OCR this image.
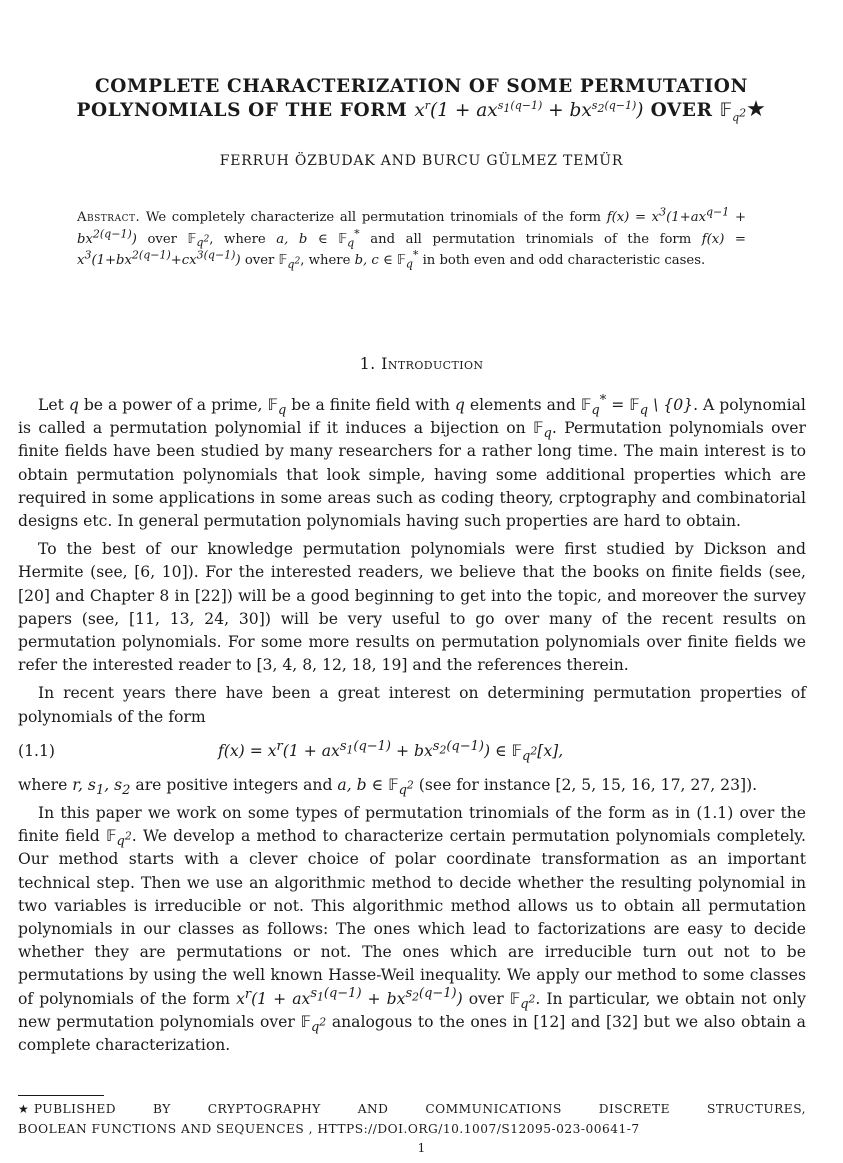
COMPLETE CHARACTERIZATION OF SOME PERMUTATION
POLYNOMIALS OF THE FORM $x^r(1 + ax^{s_1(q-1)} + bx^{s_2(q-1)})$ OVER 𝔽$_{q^2}$★
FERRUH ÖZBUDAK AND BURCU GÜLMEZ TEMÜR
Abstract. We completely characterize all permutation trinomials of the form $f(x) = x^3(1+ax^{q-1} + bx^{2(q-1)})$ over 𝔽$_{q^2}$, where a, b ∈ 𝔽$_q$* and all permutation trinomials of the form $f(x) = x^3(1+bx^{2(q-1)}+cx^{3(q-1)})$ over 𝔽$_{q^2}$, where b, c ∈ 𝔽$_q$* in both even and odd characteristic cases.
1. Introduction

Let q be a power of a prime, 𝔽$_q$ be a finite field with q elements and 𝔽$_q$* = 𝔽$_q$ \ {0}. A polynomial is called a permutation polynomial if it induces a bijection on 𝔽$_q$. Permutation polynomials over finite fields have been studied by many researchers for a rather long time. The main interest is to obtain permutation polynomials that look simple, having some additional properties which are required in some applications in some areas such as coding theory, crptography and combinatorial designs etc. In general permutation polynomials having such properties are hard to obtain.

To the best of our knowledge permutation polynomials were first studied by Dickson and Hermite (see, [6, 10]). For the interested readers, we believe that the books on finite fields (see, [20] and Chapter 8 in [22]) will be a good beginning to get into the topic, and moreover the survey papers (see, [11, 13, 24, 30]) will be very useful to go over many of the recent results on permutation polynomials. For some more results on permutation polynomials over finite fields we refer the interested reader to [3, 4, 8, 12, 18, 19] and the references therein.

In recent years there have been a great interest on determining permutation properties of polynomials of the form

(1.1)	$f(x) = x^r(1 + ax^{s_1(q-1)} + bx^{s_2(q-1)})$ ∈ 𝔽$_{q^2}$[x],

where r, $s_1$, $s_2$ are positive integers and a, b ∈ 𝔽$_{q^2}$ (see for instance [2, 5, 15, 16, 17, 27, 23]).

In this paper we work on some types of permutation trinomials of the form as in (1.1) over the finite field 𝔽$_{q^2}$. We develop a method to characterize certain permutation polynomials completely. Our method starts with a clever choice of polar coordinate transformation as an important technical step. Then we use an algorithmic method to decide whether the resulting polynomial in two variables is irreducible or not. This algorithmic method allows us to obtain all permutation polynomials in our classes as follows: The ones which lead to factorizations are easy to decide whether they are permutations or not. The ones which are irreducible turn out not to be permutations by using the well known Hasse-Weil inequality. We apply our method to some classes of polynomials of the form $x^r(1 + ax^{s_1(q-1)} + bx^{s_2(q-1)})$ over 𝔽$_{q^2}$. In particular, we obtain not only new permutation polynomials over 𝔽$_{q^2}$ analogous to the ones in [12] and [32] but we also obtain a complete characterization.

★ PUBLISHED	BY	CRYPTOGRAPHY	AND	COMMUNICATIONS	DISCRETE	STRUCTURES,
BOOLEAN FUNCTIONS AND SEQUENCES , HTTPS://DOI.ORG/10.1007/S12095-023-00641-7
1
